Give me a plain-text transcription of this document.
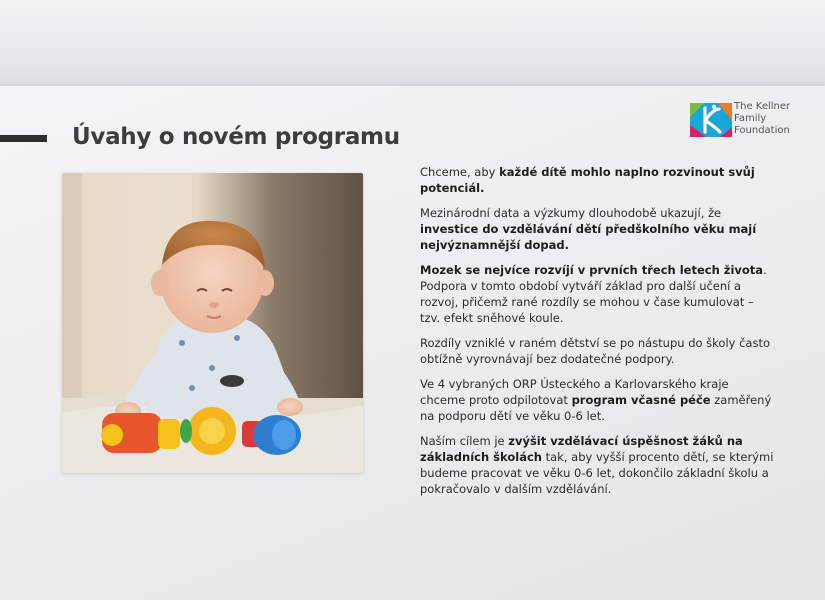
Úvahy o novém programu
The Kellner
Family
Foundation

Chceme, aby každé dítě mohlo naplno rozvinout svůj potenciál.

Mezinárodní data a výzkumy dlouhodobě ukazují, že investice do vzdělávání dětí předškolního věku mají nejvýznamnější dopad.

Mozek se nejvíce rozvíjí v prvních třech letech života. Podpora v tomto období vytváří základ pro další učení a rozvoj, přičemž rané rozdíly se mohou v čase kumulovat – tzv. efekt sněhové koule.

Rozdíly vzniklé v raném dětství se po nástupu do školy často obtížně vyrovnávají bez dodatečné podpory.

Ve 4 vybraných ORP Ústeckého a Karlovarského kraje chceme proto odpilotovat program včasné péče zaměřený na podporu dětí ve věku 0-6 let.

Naším cílem je zvýšit vzdělávací úspěšnost žáků na základních školách tak, aby vyšší procento dětí, se kterými budeme pracovat ve věku 0-6 let, dokončilo základní školu a pokračovalo v dalším vzdělávání.
